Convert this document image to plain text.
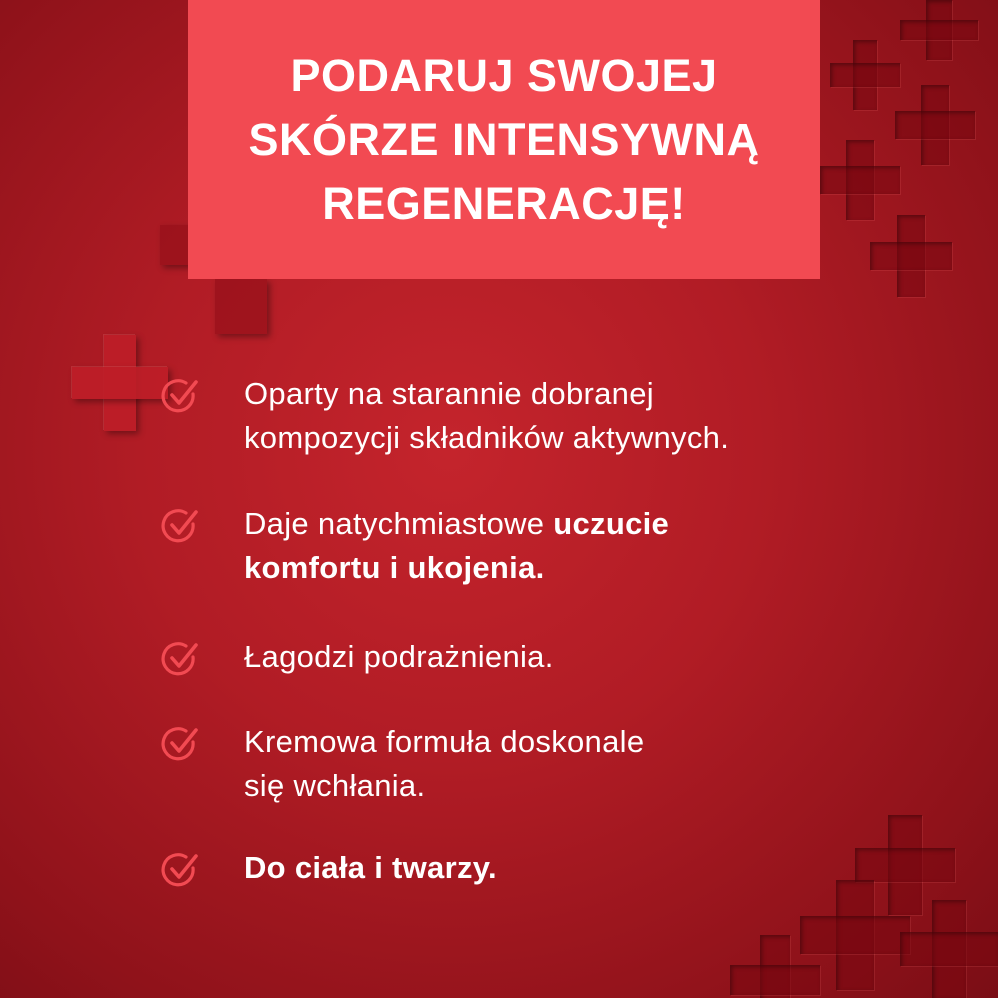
PODARUJ SWOJEJ
SKÓRZE INTENSYWNĄ
REGENERACJĘ!
Oparty na starannie dobranej
kompozycji składników aktywnych.
Daje natychmiastowe uczucie
komfortu i ukojenia.
Łagodzi podrażnienia.
Kremowa formuła doskonale
się wchłania.
Do ciała i twarzy.
